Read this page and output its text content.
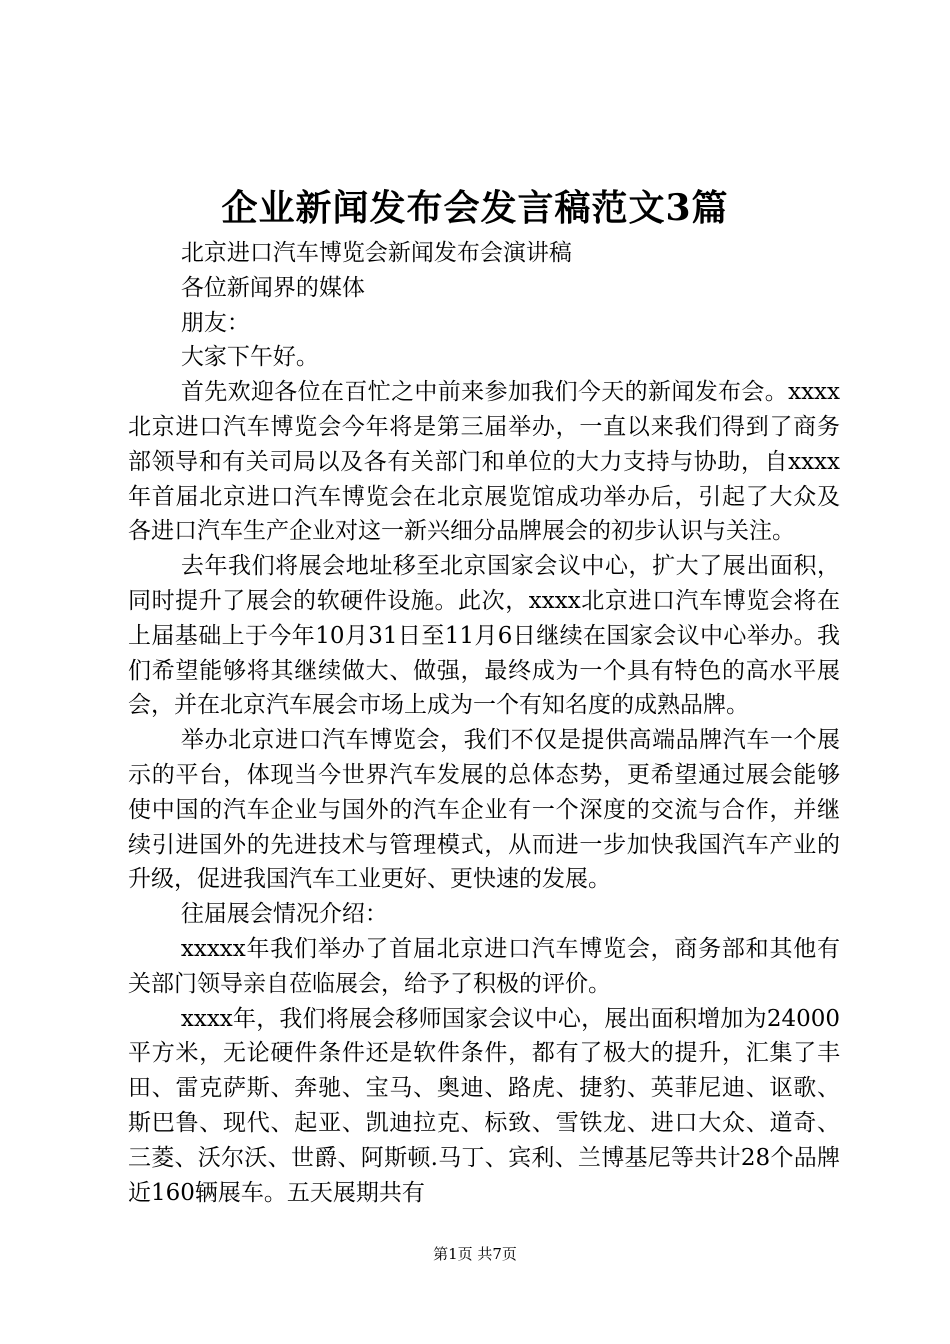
企业新闻发布会发言稿范文3篇

北京进口汽车博览会新闻发布会演讲稿

各位新闻界的媒体

朋友：

大家下午好。

首先欢迎各位在百忙之中前来参加我们今天的新闻发布会。xxxx北京进口汽车博览会今年将是第三届举办，一直以来我们得到了商务部领导和有关司局以及各有关部门和单位的大力支持与协助，自xxxx年首届北京进口汽车博览会在北京展览馆成功举办后，引起了大众及各进口汽车生产企业对这一新兴细分品牌展会的初步认识与关注。

去年我们将展会地址移至北京国家会议中心，扩大了展出面积，同时提升了展会的软硬件设施。此次，xxxx北京进口汽车博览会将在上届基础上于今年10月31日至11月6日继续在国家会议中心举办。我们希望能够将其继续做大、做强，最终成为一个具有特色的高水平展会，并在北京汽车展会市场上成为一个有知名度的成熟品牌。

举办北京进口汽车博览会，我们不仅是提供高端品牌汽车一个展示的平台，体现当今世界汽车发展的总体态势，更希望通过展会能够使中国的汽车企业与国外的汽车企业有一个深度的交流与合作，并继续引进国外的先进技术与管理模式，从而进一步加快我国汽车产业的升级，促进我国汽车工业更好、更快速的发展。

往届展会情况介绍：

xxxxx年我们举办了首届北京进口汽车博览会，商务部和其他有关部门领导亲自莅临展会，给予了积极的评价。

xxxx年，我们将展会移师国家会议中心，展出面积增加为24000平方米，无论硬件条件还是软件条件，都有了极大的提升，汇集了丰田、雷克萨斯、奔驰、宝马、奥迪、路虎、捷豹、英菲尼迪、讴歌、斯巴鲁、现代、起亚、凯迪拉克、标致、雪铁龙、进口大众、道奇、三菱、沃尔沃、世爵、阿斯顿.马丁、宾利、兰博基尼等共计28个品牌近160辆展车。五天展期共有

第1页 共7页
